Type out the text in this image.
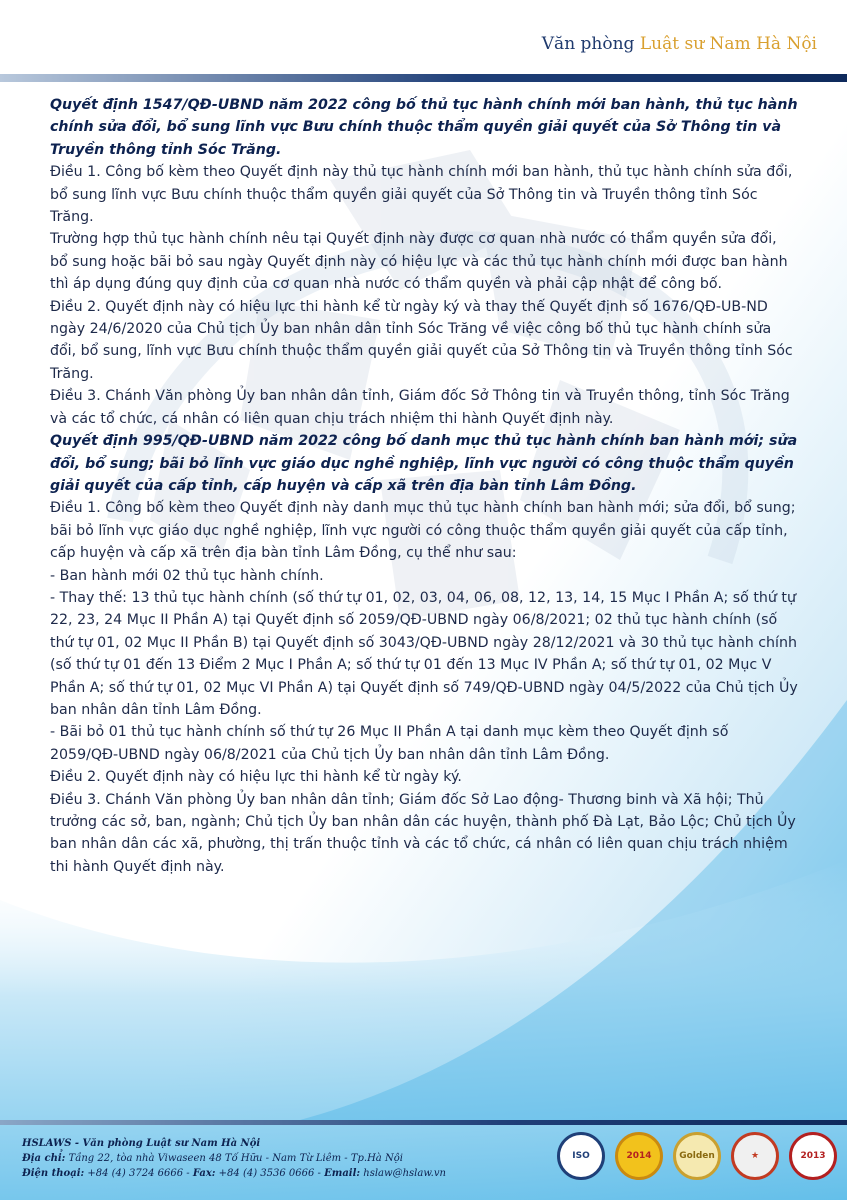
Văn phòng Luật sư Nam Hà Nội

Quyết định 1547/QĐ-UBND năm 2022 công bố thủ tục hành chính mới ban hành, thủ tục hành chính sửa đổi, bổ sung lĩnh vực Bưu chính thuộc thẩm quyền giải quyết của Sở Thông tin và Truyền thông tỉnh Sóc Trăng.

Điều 1. Công bố kèm theo Quyết định này thủ tục hành chính mới ban hành, thủ tục hành chính sửa đổi, bổ sung lĩnh vực Bưu chính thuộc thẩm quyền giải quyết của Sở Thông tin và Truyền thông tỉnh Sóc Trăng.

Trường hợp thủ tục hành chính nêu tại Quyết định này được cơ quan nhà nước có thẩm quyền sửa đổi, bổ sung hoặc bãi bỏ sau ngày Quyết định này có hiệu lực và các thủ tục hành chính mới được ban hành thì áp dụng đúng quy định của cơ quan nhà nước có thẩm quyền và phải cập nhật để công bố.

Điều 2. Quyết định này có hiệu lực thi hành kể từ ngày ký và thay thế Quyết định số 1676/QĐ-UB-ND ngày 24/6/2020 của Chủ tịch Ủy ban nhân dân tỉnh Sóc Trăng về việc công bố thủ tục hành chính sửa đổi, bổ sung, lĩnh vực Bưu chính thuộc thẩm quyền giải quyết của Sở Thông tin và Truyền thông tỉnh Sóc Trăng.

Điều 3. Chánh Văn phòng Ủy ban nhân dân tỉnh, Giám đốc Sở Thông tin và Truyền thông, tỉnh Sóc Trăng và các tổ chức, cá nhân có liên quan chịu trách nhiệm thi hành Quyết định này.

Quyết định 995/QĐ-UBND năm 2022 công bố danh mục thủ tục hành chính ban hành mới; sửa đổi, bổ sung; bãi bỏ lĩnh vực giáo dục nghề nghiệp, lĩnh vực người có công thuộc thẩm quyền giải quyết của cấp tỉnh, cấp huyện và cấp xã trên địa bàn tỉnh Lâm Đồng.

Điều 1. Công bố kèm theo Quyết định này danh mục thủ tục hành chính ban hành mới; sửa đổi, bổ sung; bãi bỏ lĩnh vực giáo dục nghề nghiệp, lĩnh vực người có công thuộc thẩm quyền giải quyết của cấp tỉnh, cấp huyện và cấp xã trên địa bàn tỉnh Lâm Đồng, cụ thể như sau:

- Ban hành mới 02 thủ tục hành chính.

- Thay thế: 13 thủ tục hành chính (số thứ tự 01, 02, 03, 04, 06, 08, 12, 13, 14, 15 Mục I Phần A; số thứ tự 22, 23, 24 Mục II Phần A) tại Quyết định số 2059/QĐ-UBND ngày 06/8/2021; 02 thủ tục hành chính (số thứ tự 01, 02 Mục II Phần B) tại Quyết định số 3043/QĐ-UBND ngày 28/12/2021 và 30 thủ tục hành chính (số thứ tự 01 đến 13 Điểm 2 Mục I Phần A; số thứ tự 01 đến 13 Mục IV Phần A; số thứ tự 01, 02 Mục V Phần A; số thứ tự 01, 02 Mục VI Phần A) tại Quyết định số 749/QĐ-UBND ngày 04/5/2022 của Chủ tịch Ủy ban nhân dân tỉnh Lâm Đồng.

- Bãi bỏ 01 thủ tục hành chính số thứ tự 26 Mục II Phần A tại danh mục kèm theo Quyết định số 2059/QĐ-UBND ngày 06/8/2021 của Chủ tịch Ủy ban nhân dân tỉnh Lâm Đồng.

Điều 2. Quyết định này có hiệu lực thi hành kể từ ngày ký.

Điều 3. Chánh Văn phòng Ủy ban nhân dân tỉnh; Giám đốc Sở Lao động- Thương binh và Xã hội; Thủ trưởng các sở, ban, ngành; Chủ tịch Ủy ban nhân dân các huyện, thành phố Đà Lạt, Bảo Lộc; Chủ tịch Ủy ban nhân dân các xã, phường, thị trấn thuộc tỉnh và các tổ chức, cá nhân có liên quan chịu trách nhiệm thi hành Quyết định này.

HSLAWS - Văn phòng Luật sư Nam Hà Nội
Địa chỉ: Tầng 22, tòa nhà Viwaseen 48 Tố Hữu - Nam Từ Liêm - Tp.Hà Nội
Điện thoại: +84 (4) 3724 6666 - Fax: +84 (4) 3536 0666 - Email: hslaw@hslaw.vn
ISO	2014	Golden	★	2013
